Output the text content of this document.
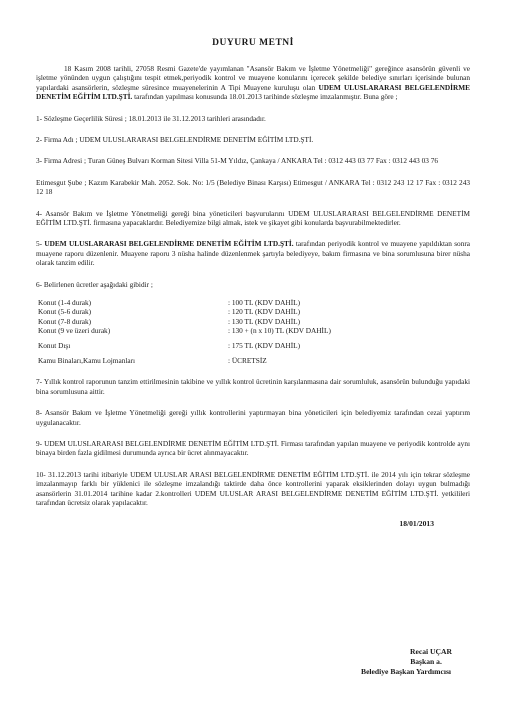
DUYURU METNİ

18 Kasım 2008 tarihli, 27058 Resmi Gazete'de yayımlanan "Asansör Bakım ve İşletme Yönetmeliği" gereğince asansörün güvenli ve işletme yönünden uygun çalıştığını tespit etmek,periyodik kontrol ve muayene konularını içerecek şekilde belediye sınırları içerisinde bulunan yapılardaki asansörlerin, sözleşme süresince muayenelerinin A Tipi Muayene kuruluşu olan UDEM ULUSLARARASI BELGELENDİRME DENETİM EĞİTİM LTD.ŞTİ. tarafından yapılması konusunda 18.01.2013 tarihinde sözleşme imzalanmıştır. Buna göre ;

1- Sözleşme Geçerlilik Süresi ; 18.01.2013 ile 31.12.2013 tarihleri arasındadır.

2- Firma Adı ; UDEM ULUSLARARASI BELGELENDİRME DENETİM EĞİTİM LTD.ŞTİ.

3- Firma Adresi ; Turan Güneş Bulvarı Korman Sitesi Villa 51-M Yıldız, Çankaya / ANKARA Tel : 0312 443 03 77 Fax : 0312 443 03 76

Etimesgut Şube ; Kazım Karabekir Mah. 2052. Sok. No: 1/5 (Belediye Binası Karşısı) Etimesgut / ANKARA Tel : 0312 243 12 17 Fax : 0312 243 12 18

4- Asansör Bakım ve İşletme Yönetmeliği gereği bina yöneticileri başvurularını UDEM ULUSLARARASI BELGELENDİRME DENETİM EĞİTİM LTD.ŞTİ. firmasına yapacaklardır. Belediyemize bilgi almak, istek ve şikayet gibi konularda başvurabilmektedirler.

5- UDEM ULUSLARARASI BELGELENDİRME DENETİM EĞİTİM LTD.ŞTİ. tarafından periyodik kontrol ve muayene yapıldıktan sonra muayene raporu düzenlenir. Muayene raporu 3 nüsha halinde düzenlenmek şartıyla belediyeye, bakım firmasına ve bina sorumlusuna birer nüsha olarak tanzim edilir.

6- Belirlenen ücretler aşağıdaki gibidir ;

Konut (1-4 durak)	: 100 TL (KDV DAHİL)
Konut (5-6 durak)	: 120 TL (KDV DAHİL)
Konut (7-8 durak)	: 130 TL (KDV DAHİL)
Konut (9 ve üzeri durak)	: 130 + (n x 10) TL (KDV DAHİL)
Konut Dışı	: 175 TL (KDV DAHİL)
Kamu Binaları,Kamu Lojmanları	: ÜCRETSİZ

7- Yıllık kontrol raporunun tanzim ettirilmesinin takibine ve yıllık kontrol ücretinin karşılanmasına dair sorumluluk, asansörün bulunduğu yapıdaki bina sorumlusuna aittir.

8- Asansör Bakım ve İşletme Yönetmeliği gereği yıllık kontrollerini yaptırmayan bina yöneticileri için belediyemiz tarafından cezai yaptırım uygulanacaktır.

9- UDEM ULUSLARARASI BELGELENDİRME DENETİM EĞİTİM LTD.ŞTİ. Firması tarafından yapılan muayene ve periyodik kontrolde aynı binaya birden fazla gidilmesi durumunda ayrıca bir ücret alınmayacaktır.

10- 31.12.2013 tarihi itibariyle UDEM ULUSLAR ARASI BELGELENDİRME DENETİM EĞİTİM LTD.ŞTİ. ile 2014 yılı için tekrar sözleşme imzalanmayıp farklı bir yüklenici ile sözleşme imzalandığı taktirde daha önce kontrollerini yaparak eksiklerinden dolayı uygun bulmadığı asansörlerin 31.01.2014 tarihine kadar 2.kontrolleri UDEM ULUSLAR ARASI BELGELENDİRME DENETİM EĞİTİM LTD.ŞTİ. yetkilileri tarafından ücretsiz olarak yapılacaktır.

18/01/2013
Recai UÇAR
Başkan a.
Belediye Başkan Yardımcısı
